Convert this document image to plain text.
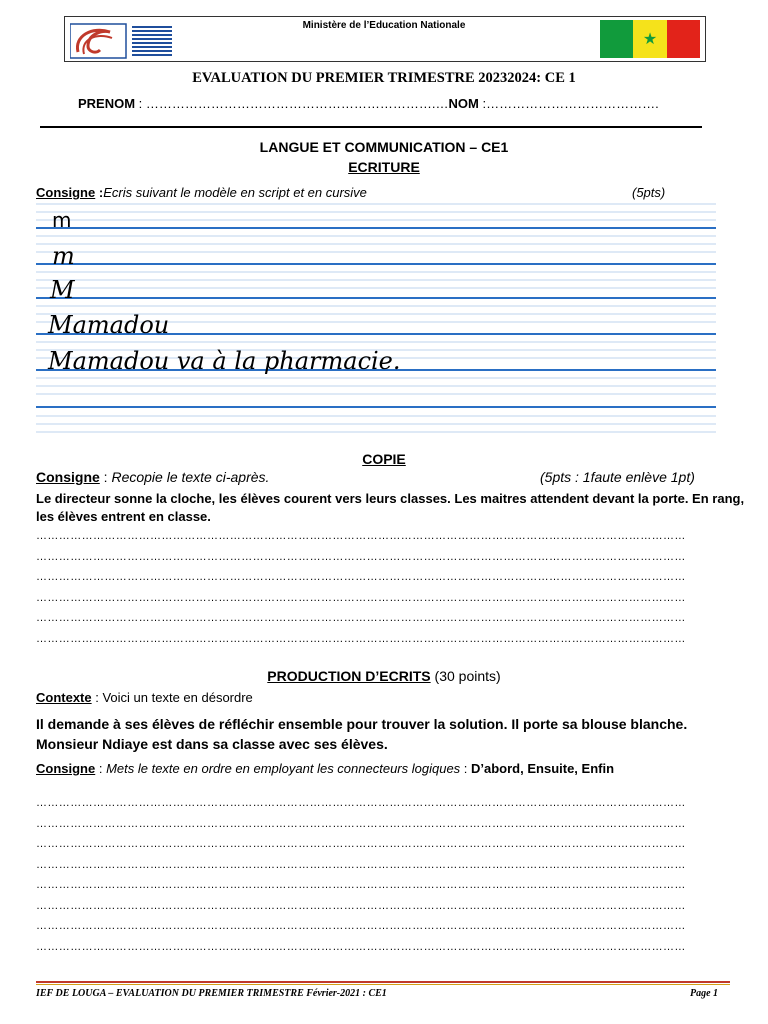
Ministère de l’Education Nationale
★
EVALUATION DU PREMIER TRIMESTRE 20232024: CE 1
PRENOM : ………………………………………………………….…NOM :………………………………….
LANGUE ET COMMUNICATION – CE1
ECRITURE
Consigne :Ecris suivant le modèle en script et en cursive	(5pts)
m
m
M
Mamadou
Mamadou va à la pharmacie.
COPIE
Consigne : Recopie le texte ci-après.	(5pts : 1faute enlève 1pt)
Le directeur sonne la cloche, les élèves courent vers leurs classes. Les maitres attendent devant la porte. En rang, les élèves entrent en classe.
………………………………………………………………………………………………………………………………………………………
………………………………………………………………………………………………………………………………………………………
………………………………………………………………………………………………………………………………………………………
………………………………………………………………………………………………………………………………………………………
………………………………………………………………………………………………………………………………………………………
………………………………………………………………………………………………………………………………………………………
PRODUCTION D’ECRITS (30 points)
Contexte : Voici un texte en désordre
Il demande à ses élèves de réfléchir ensemble pour trouver la solution. Il porte sa blouse blanche. Monsieur Ndiaye est dans sa classe avec ses élèves.
Consigne : Mets le texte en ordre en employant les connecteurs logiques : D’abord, Ensuite, Enfin
………………………………………………………………………………………………………………………………………………………
………………………………………………………………………………………………………………………………………………………
………………………………………………………………………………………………………………………………………………………
………………………………………………………………………………………………………………………………………………………
………………………………………………………………………………………………………………………………………………………
………………………………………………………………………………………………………………………………………………………
………………………………………………………………………………………………………………………………………………………
………………………………………………………………………………………………………………………………………………………
IEF DE LOUGA – EVALUATION DU PREMIER TRIMESTRE Février-2021 : CE1	Page 1
